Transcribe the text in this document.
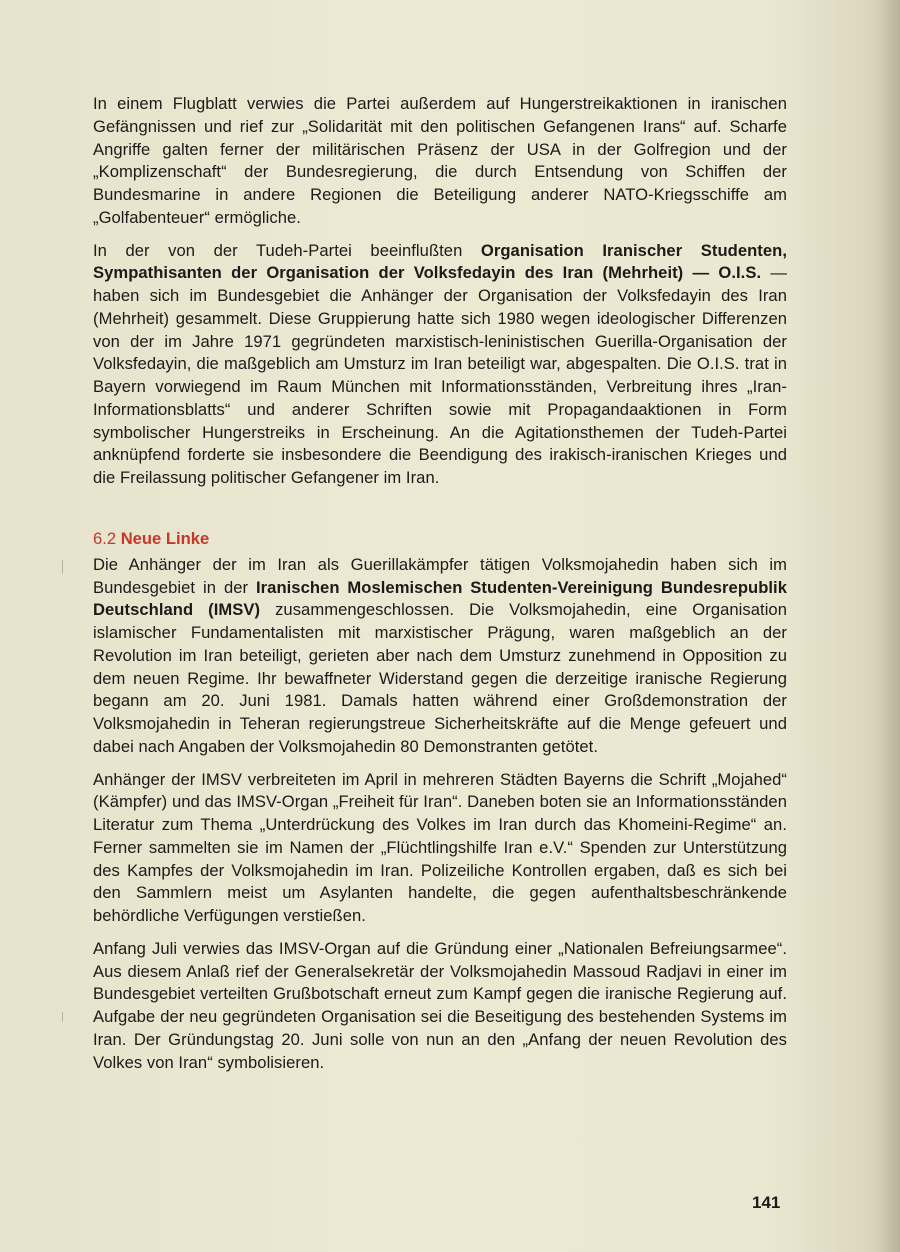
In einem Flugblatt verwies die Partei außerdem auf Hungerstreikaktionen in iranischen Gefängnissen und rief zur „Solidarität mit den politischen Gefangenen Irans“ auf. Scharfe Angriffe galten ferner der militärischen Präsenz der USA in der Golfregion und der „Komplizenschaft“ der Bundesregierung, die durch Entsendung von Schiffen der Bundesmarine in andere Regionen die Beteiligung anderer NATO-Kriegsschiffe am „Golfabenteuer“ ermögliche.

In der von der Tudeh-Partei beeinflußten Organisation Iranischer Studenten, Sympathisanten der Organisation der Volksfedayin des Iran (Mehrheit) — O.I.S. — haben sich im Bundesgebiet die Anhänger der Organisation der Volksfedayin des Iran (Mehrheit) gesammelt. Diese Gruppierung hatte sich 1980 wegen ideologischer Differenzen von der im Jahre 1971 gegründeten marxistisch-leninistischen Guerilla-Organisation der Volksfedayin, die maßgeblich am Umsturz im Iran beteiligt war, abgespalten. Die O.I.S. trat in Bayern vorwiegend im Raum München mit Informationsständen, Verbreitung ihres „Iran-Informationsblatts“ und anderer Schriften sowie mit Propagandaaktionen in Form symbolischer Hungerstreiks in Erscheinung. An die Agitationsthemen der Tudeh-Partei anknüpfend forderte sie insbesondere die Beendigung des irakisch-iranischen Krieges und die Freilassung politischer Gefangener im Iran.

6.2 Neue Linke

Die Anhänger der im Iran als Guerillakämpfer tätigen Volksmojahedin haben sich im Bundesgebiet in der Iranischen Moslemischen Studenten-Vereinigung Bundesrepublik Deutschland (IMSV) zusammengeschlossen. Die Volksmojahedin, eine Organisation islamischer Fundamentalisten mit marxistischer Prägung, waren maßgeblich an der Revolution im Iran beteiligt, gerieten aber nach dem Umsturz zunehmend in Opposition zu dem neuen Regime. Ihr bewaffneter Widerstand gegen die derzeitige iranische Regierung begann am 20. Juni 1981. Damals hatten während einer Großdemonstration der Volksmojahedin in Teheran regierungstreue Sicherheitskräfte auf die Menge gefeuert und dabei nach Angaben der Volksmojahedin 80 Demonstranten getötet.

Anhänger der IMSV verbreiteten im April in mehreren Städten Bayerns die Schrift „Mojahed“ (Kämpfer) und das IMSV-Organ „Freiheit für Iran“. Daneben boten sie an Informationsständen Literatur zum Thema „Unterdrückung des Volkes im Iran durch das Khomeini-Regime“ an. Ferner sammelten sie im Namen der „Flüchtlingshilfe Iran e.V.“ Spenden zur Unterstützung des Kampfes der Volksmojahedin im Iran. Polizeiliche Kontrollen ergaben, daß es sich bei den Sammlern meist um Asylanten handelte, die gegen aufenthaltsbeschränkende behördliche Verfügungen verstießen.

Anfang Juli verwies das IMSV-Organ auf die Gründung einer „Nationalen Befreiungsarmee“. Aus diesem Anlaß rief der Generalsekretär der Volksmojahedin Massoud Radjavi in einer im Bundesgebiet verteilten Grußbotschaft erneut zum Kampf gegen die iranische Regierung auf. Aufgabe der neu gegründeten Organisation sei die Beseitigung des bestehenden Systems im Iran. Der Gründungstag 20. Juni solle von nun an den „Anfang der neuen Revolution des Volkes von Iran“ symbolisieren.

141
